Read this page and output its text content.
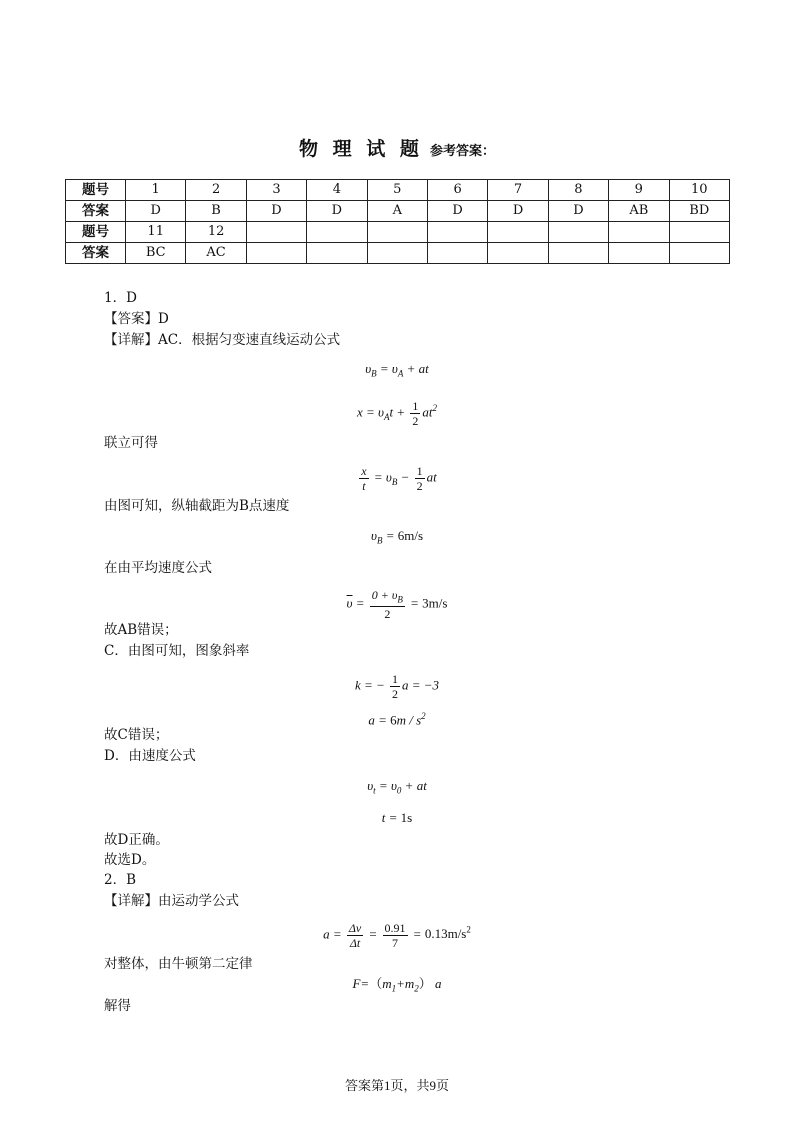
物 理 试 题 参考答案：
题号	1	2	3	4	5	6	7	8	9	10
答案	D	B	D	D	A	D	D	D	AB	BD
题号	11	12								
答案	BC	AC								
1．D
【答案】D
【详解】AC．根据匀变速直线运动公式
$\upsilon_B = \upsilon_A$ + at
$x = \upsilon_At + \frac{1}{2} at^2$
联立可得
$\frac{x}{t} = \upsilon_B - \frac{1}{2}$ at
由图可知，纵轴截距为B点速度
$\upsilon_B = 6m/s$
在由平均速度公式
$\overline{\upsilon} = \frac{0 + \upsilon_B}{2} = 3m/s$
故AB错误；
C．由图可知，图象斜率
k = − $\frac{1}{2}$ a = −3
$a = 6m / s^2$
故C错误；
D．由速度公式
$\upsilon_t = \upsilon_0$ + at
t = 1s
故D正确。
故选D。
2．B
【详解】由运动学公式
$a = \frac{\Delta v}{\Delta t} = \frac{0.91}{7} = 0.13m/s^2$
对整体，由牛顿第二定律
$F=(m_1+m_2)$ a
解得
答案第1页，共9页
